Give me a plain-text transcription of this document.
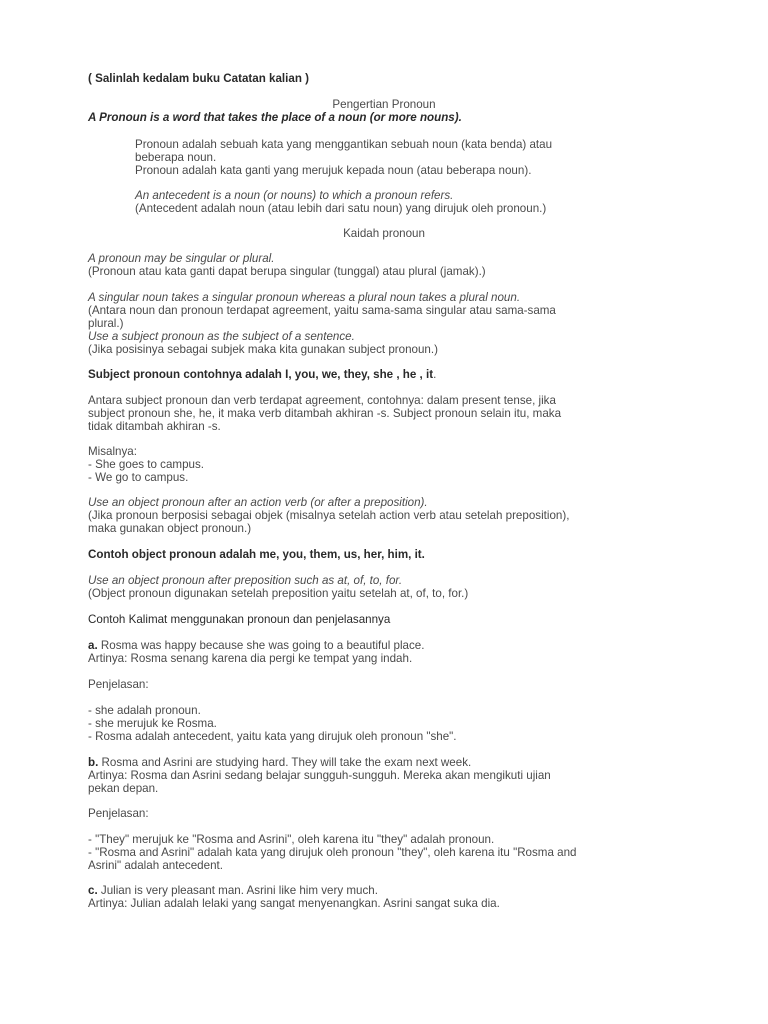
( Salinlah kedalam buku Catatan kalian )
Pengertian Pronoun
A Pronoun is a word that takes the place of a noun (or more nouns).
Pronoun adalah sebuah kata yang menggantikan sebuah noun (kata benda) atau
beberapa noun.
Pronoun adalah kata ganti yang merujuk kepada noun (atau beberapa noun).
An antecedent is a noun (or nouns) to which a pronoun refers.
(Antecedent adalah noun (atau lebih dari satu noun) yang dirujuk oleh pronoun.)
Kaidah pronoun
A pronoun may be singular or plural.
(Pronoun atau kata ganti dapat berupa singular (tunggal) atau plural (jamak).)
A singular noun takes a singular pronoun whereas a plural noun takes a plural noun.
(Antara noun dan pronoun terdapat agreement, yaitu sama-sama singular atau sama-sama
plural.)
Use a subject pronoun as the subject of a sentence.
(Jika posisinya sebagai subjek maka kita gunakan subject pronoun.)
Subject pronoun contohnya adalah I, you, we, they, she , he , it.
Antara subject pronoun dan verb terdapat agreement, contohnya: dalam present tense, jika
subject pronoun she, he, it maka verb ditambah akhiran -s. Subject pronoun selain itu, maka
tidak ditambah akhiran -s.
Misalnya:
- She goes to campus.
- We go to campus.
Use an object pronoun after an action verb (or after a preposition).
(Jika pronoun berposisi sebagai objek (misalnya setelah action verb atau setelah preposition),
maka gunakan object pronoun.)
Contoh object pronoun adalah me, you, them, us, her, him, it.
Use an object pronoun after preposition such as at, of, to, for.
(Object pronoun digunakan setelah preposition yaitu setelah at, of, to, for.)
Contoh Kalimat menggunakan pronoun dan penjelasannya
a. Rosma was happy because she was going to a beautiful place.
Artinya: Rosma senang karena dia pergi ke tempat yang indah.
Penjelasan:
- she adalah pronoun.
- she merujuk ke Rosma.
- Rosma adalah antecedent, yaitu kata yang dirujuk oleh pronoun "she".
b. Rosma and Asrini are studying hard. They will take the exam next week.
Artinya: Rosma dan Asrini sedang belajar sungguh-sungguh. Mereka akan mengikuti ujian
pekan depan.
Penjelasan:
- "They" merujuk ke "Rosma and Asrini", oleh karena itu "they" adalah pronoun.
- "Rosma and Asrini" adalah kata yang dirujuk oleh pronoun "they", oleh karena itu "Rosma and
Asrini" adalah antecedent.
c. Julian is very pleasant man. Asrini like him very much.
Artinya: Julian adalah lelaki yang sangat menyenangkan. Asrini sangat suka dia.
